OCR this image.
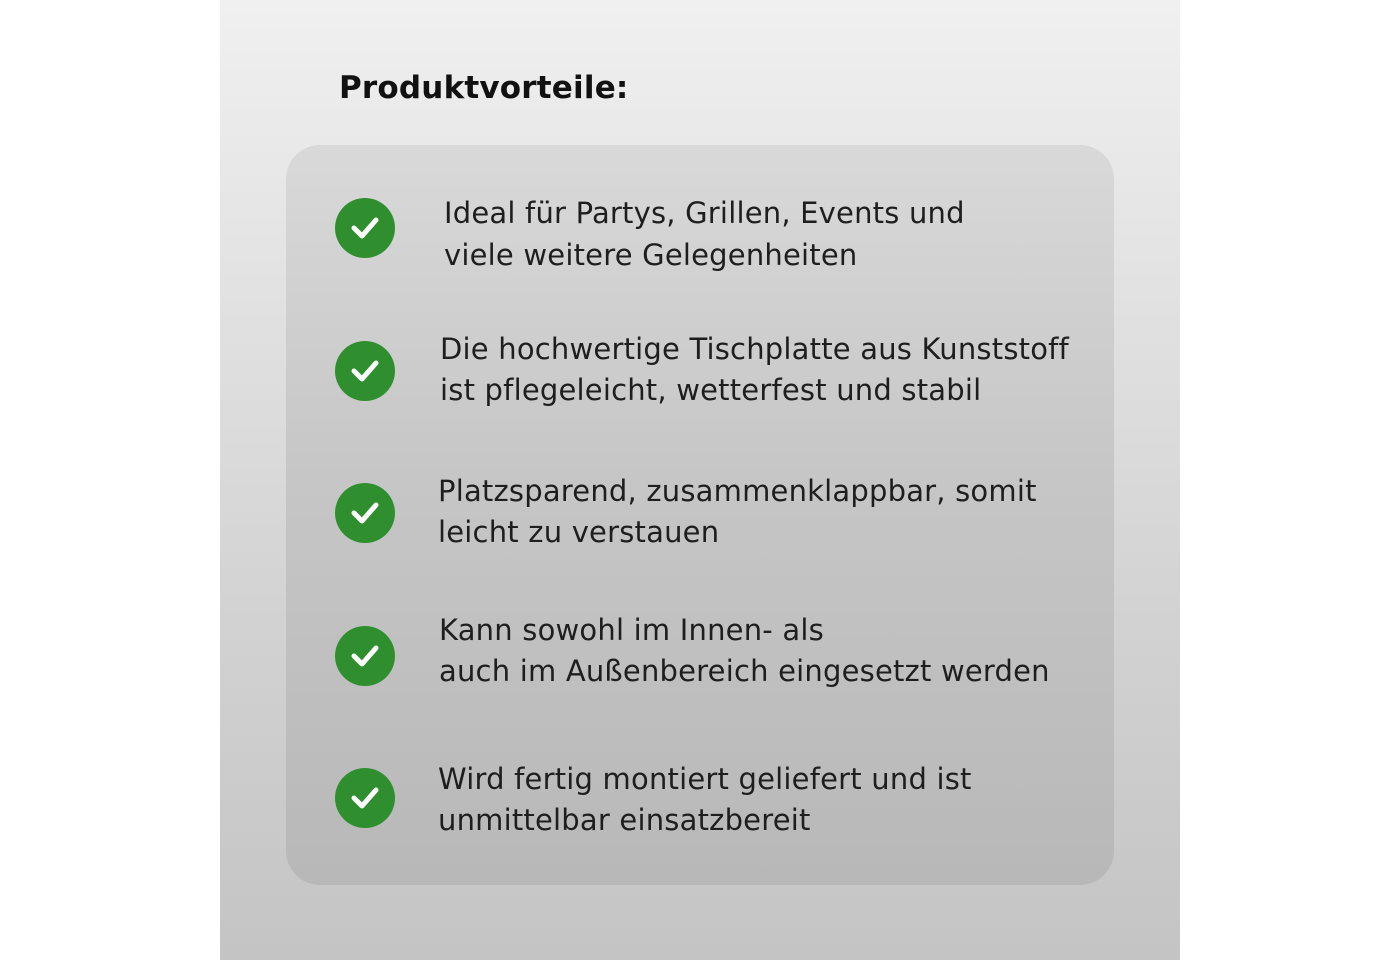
Produktvorteile:
Ideal für Partys, Grillen, Events und
viele weitere Gelegenheiten
Die hochwertige Tischplatte aus Kunststoff
ist pflegeleicht, wetterfest und stabil
Platzsparend, zusammenklappbar, somit
leicht zu verstauen
Kann sowohl im Innen- als
auch im Außenbereich eingesetzt werden
Wird fertig montiert geliefert und ist
unmittelbar einsatzbereit
